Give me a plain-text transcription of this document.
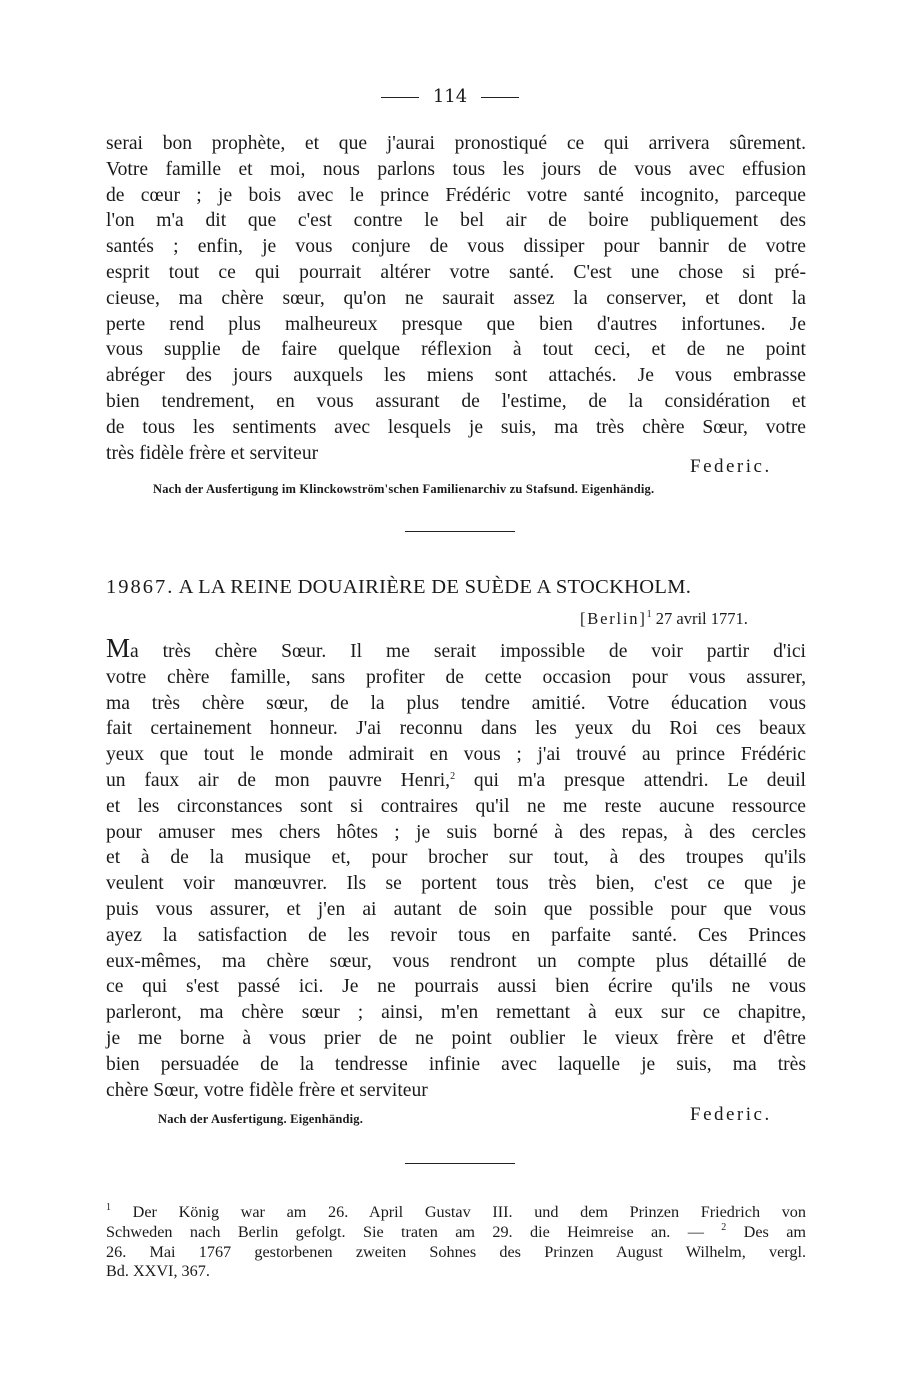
114
serai bon prophète, et que j'aurai pronostiqué ce qui arrivera sûrement.
Votre famille et moi, nous parlons tous les jours de vous avec effusion
de cœur ; je bois avec le prince Frédéric votre santé incognito, parceque
l'on m'a dit que c'est contre le bel air de boire publiquement des
santés ; enfin, je vous conjure de vous dissiper pour bannir de votre
esprit tout ce qui pourrait altérer votre santé. C'est une chose si pré-
cieuse, ma chère sœur, qu'on ne saurait assez la conserver, et dont la
perte rend plus malheureux presque que bien d'autres infortunes. Je
vous supplie de faire quelque réflexion à tout ceci, et de ne point
abréger des jours auxquels les miens sont attachés. Je vous embrasse
bien tendrement, en vous assurant de l'estime, de la considération et
de tous les sentiments avec lesquels je suis, ma très chère Sœur, votre
très fidèle frère et serviteur
Federic.
Nach der Ausfertigung im Klinckowström'schen Familienarchiv zu Stafsund. Eigenhändig.
19867. A LA REINE DOUAIRIÈRE DE SUÈDE A STOCKHOLM.
[Berlin]$^1$ 27 avril 1771.
Ma très chère Sœur. Il me serait impossible de voir partir d'ici
votre chère famille, sans profiter de cette occasion pour vous assurer,
ma très chère sœur, de la plus tendre amitié. Votre éducation vous
fait certainement honneur. J'ai reconnu dans les yeux du Roi ces beaux
yeux que tout le monde admirait en vous ; j'ai trouvé au prince Frédéric
un faux air de mon pauvre Henri,$^2$ qui m'a presque attendri. Le deuil
et les circonstances sont si contraires qu'il ne me reste aucune ressource
pour amuser mes chers hôtes ; je suis borné à des repas, à des cercles
et à de la musique et, pour brocher sur tout, à des troupes qu'ils
veulent voir manœuvrer. Ils se portent tous très bien, c'est ce que je
puis vous assurer, et j'en ai autant de soin que possible pour que vous
ayez la satisfaction de les revoir tous en parfaite santé. Ces Princes
eux-mêmes, ma chère sœur, vous rendront un compte plus détaillé de
ce qui s'est passé ici. Je ne pourrais aussi bien écrire qu'ils ne vous
parleront, ma chère sœur ; ainsi, m'en remettant à eux sur ce chapitre,
je me borne à vous prier de ne point oublier le vieux frère et d'être
bien persuadée de la tendresse infinie avec laquelle je suis, ma très
chère Sœur, votre fidèle frère et serviteur
Nach der Ausfertigung. Eigenhändig.	Federic.
$^1$ Der König war am 26. April Gustav III. und dem Prinzen Friedrich von
Schweden nach Berlin gefolgt. Sie traten am 29. die Heimreise an. — $^2$ Des am
26. Mai 1767 gestorbenen zweiten Sohnes des Prinzen August Wilhelm, vergl.
Bd. XXVI, 367.
